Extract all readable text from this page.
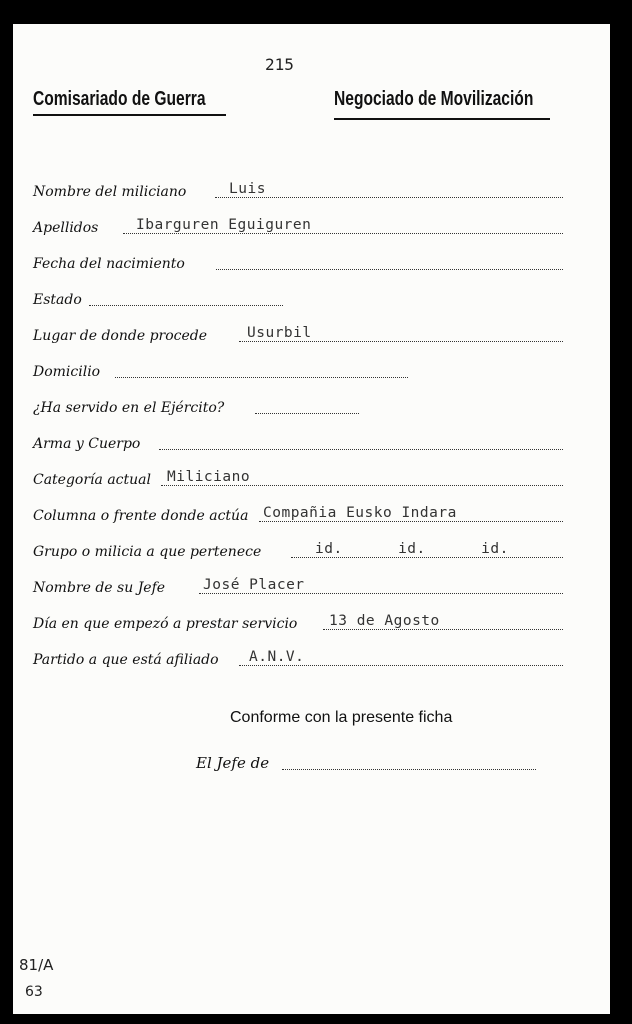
215
Comisariado de Guerra	Negociado de Movilización
Nombre del miliciano	Luis
Apellidos	Ibarguren Eguiguren
Fecha del nacimiento
Estado
Lugar de donde procede	Usurbil
Domicilio
¿Ha servido en el Ejército?
Arma y Cuerpo
Categoría actual Miliciano
Columna o frente donde actúa Compañia Eusko Indara
Grupo o milicia a que pertenece	id.      id.      id.
Nombre de su Jefe	José Placer
Día en que empezó a prestar servicio 13 de Agosto
Partido a que está afiliado A.N.V.
Conforme con la presente ficha
El Jefe de
81/A
63
